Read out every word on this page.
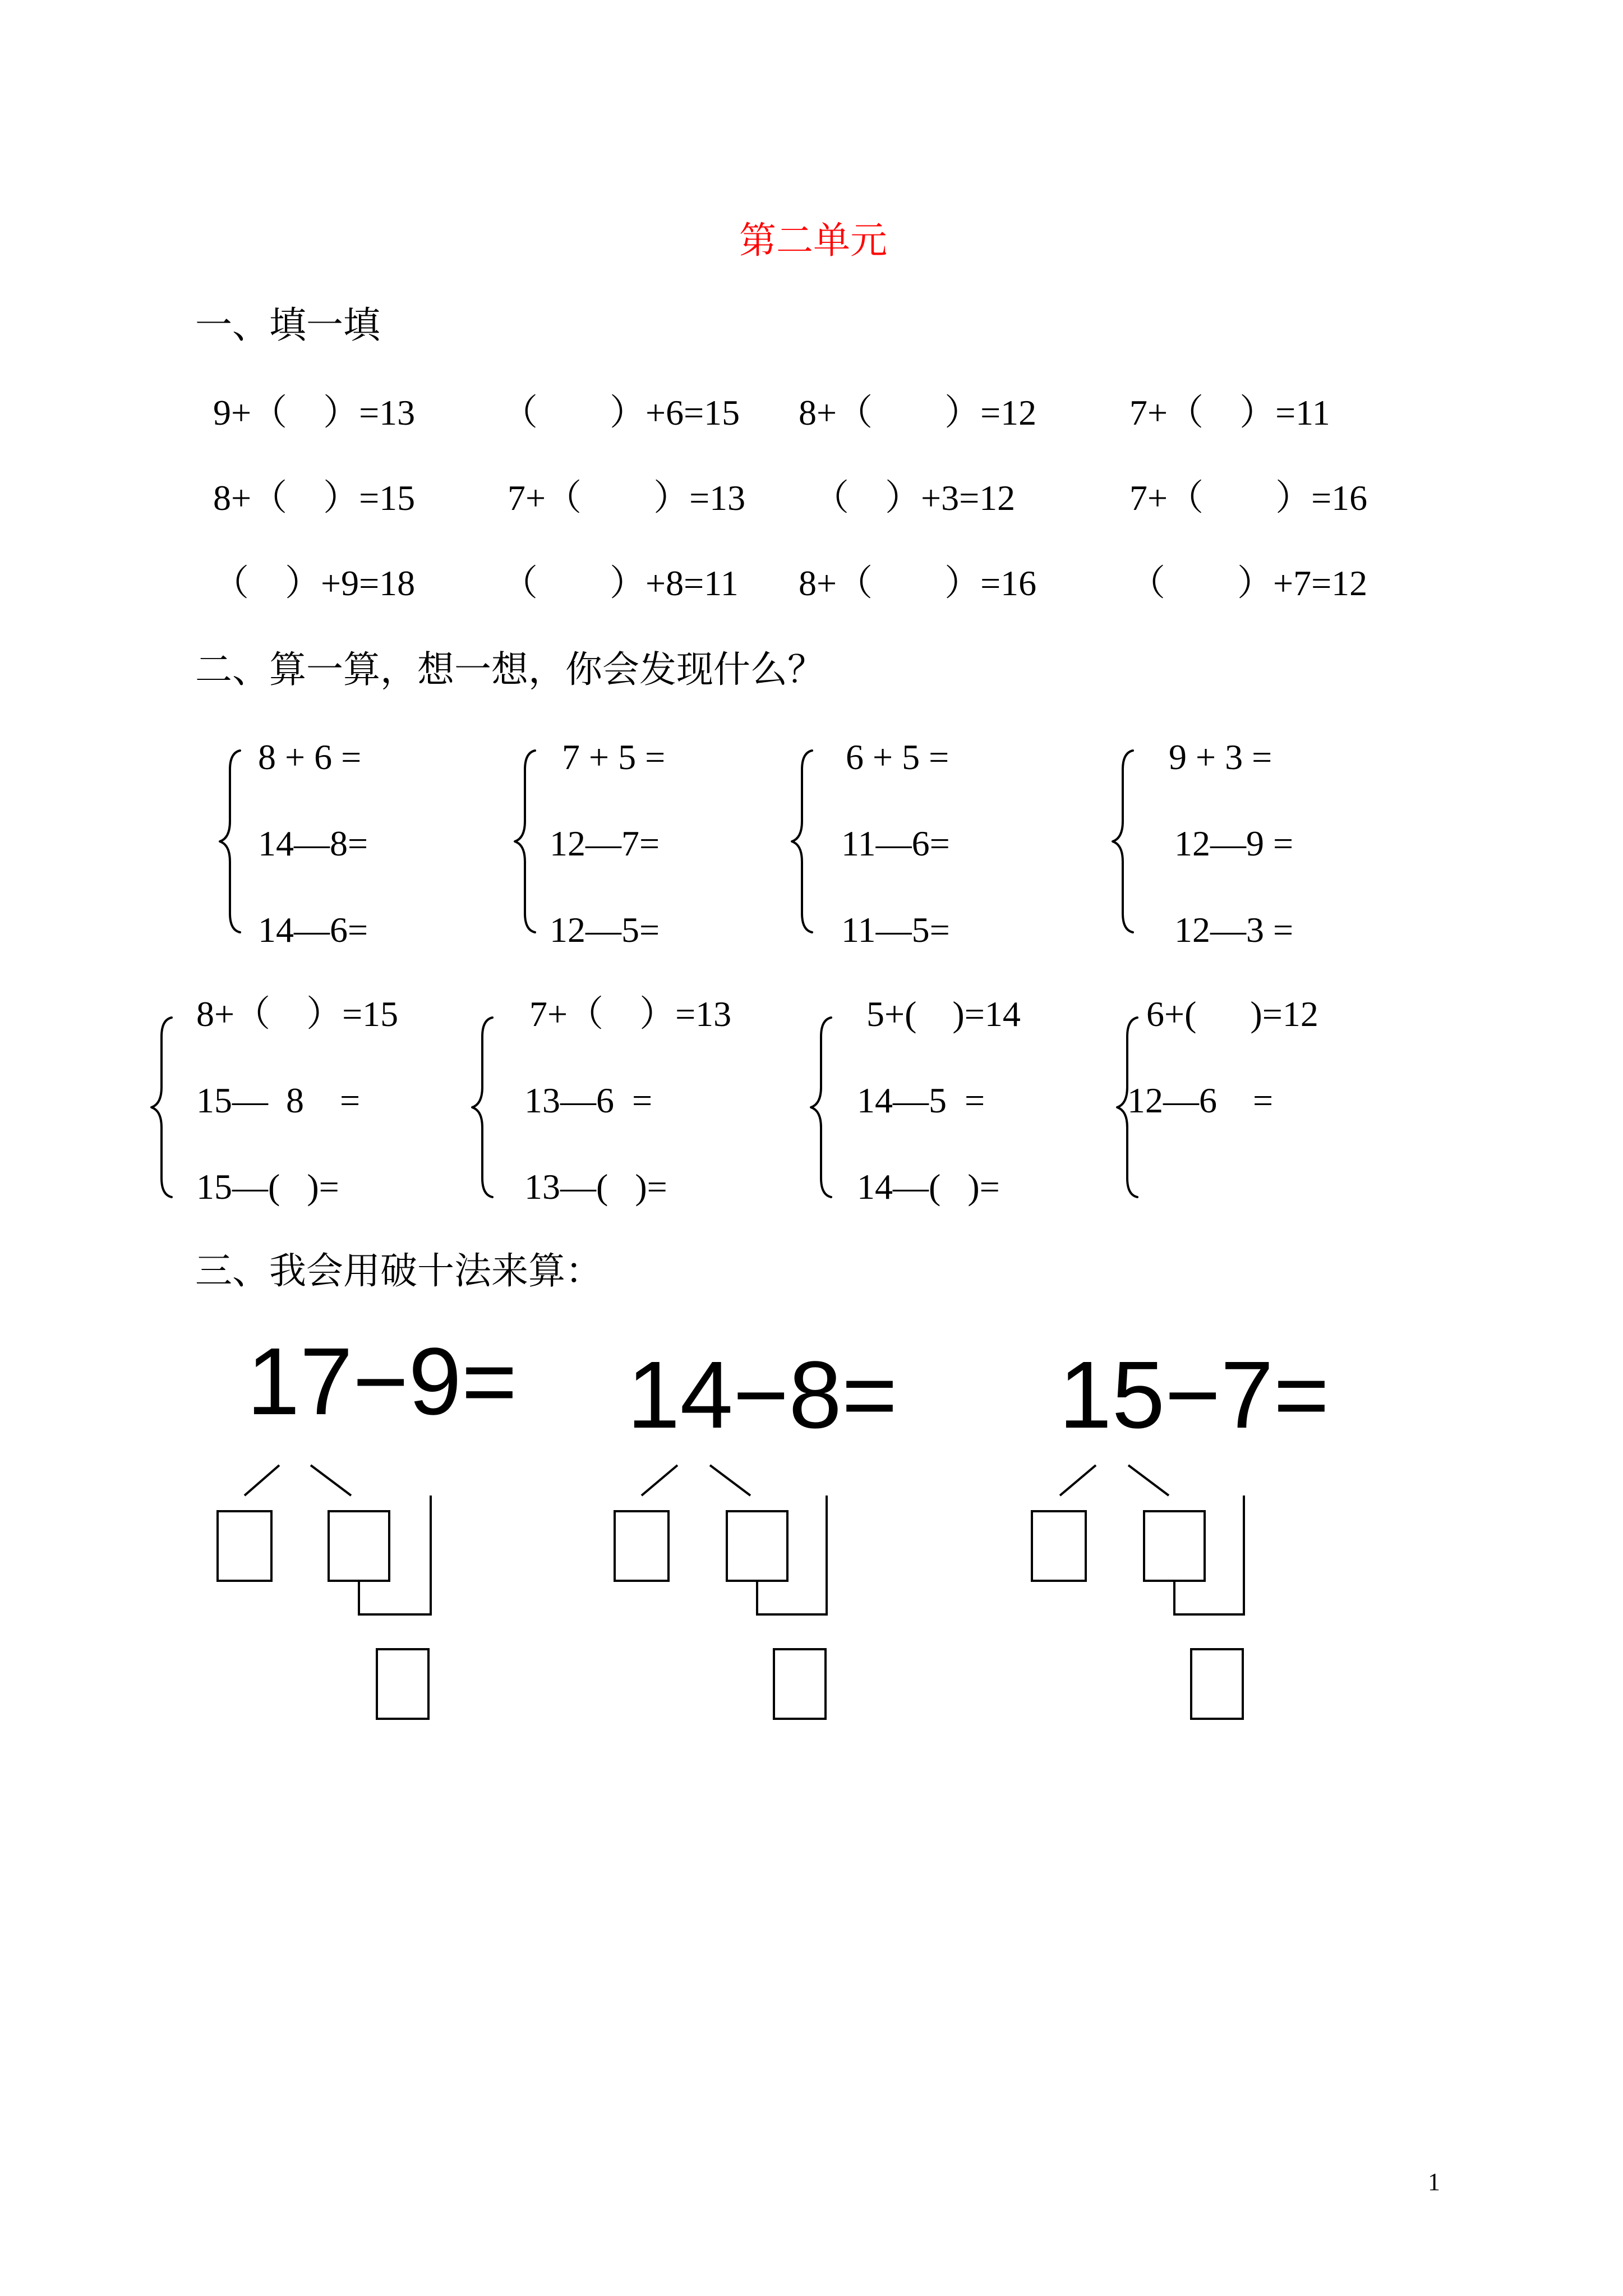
第二单元
一、填一填
9+（　）=13 （　　）+6=15 8+（　　）=12	7+（　）=11
8+（　）=15	7+（　　）=13 （　）+3=12	7+（　　）=16
（　）+9=18 （　　）+8=11 8+（　　）=16	（　　）+7=12
二、算一算，想一想，你会发现什么？
8 + 6 =
14—8=
14—6=
7 + 5 =
12—7=
12—5=
6 + 5 =
11—6=
11—5=
9 + 3 =
12—9 =
12—3 =
8+（　）=15
15—  8    =
15—(   )=
7+（　）=13
13—6  =
13—(   )=
5+(    )=14
14—5  =
14—(   )=
6+(      )=12
12—6    =
三、我会用破十法来算：
17−9= 14−8= 15−7=
1
